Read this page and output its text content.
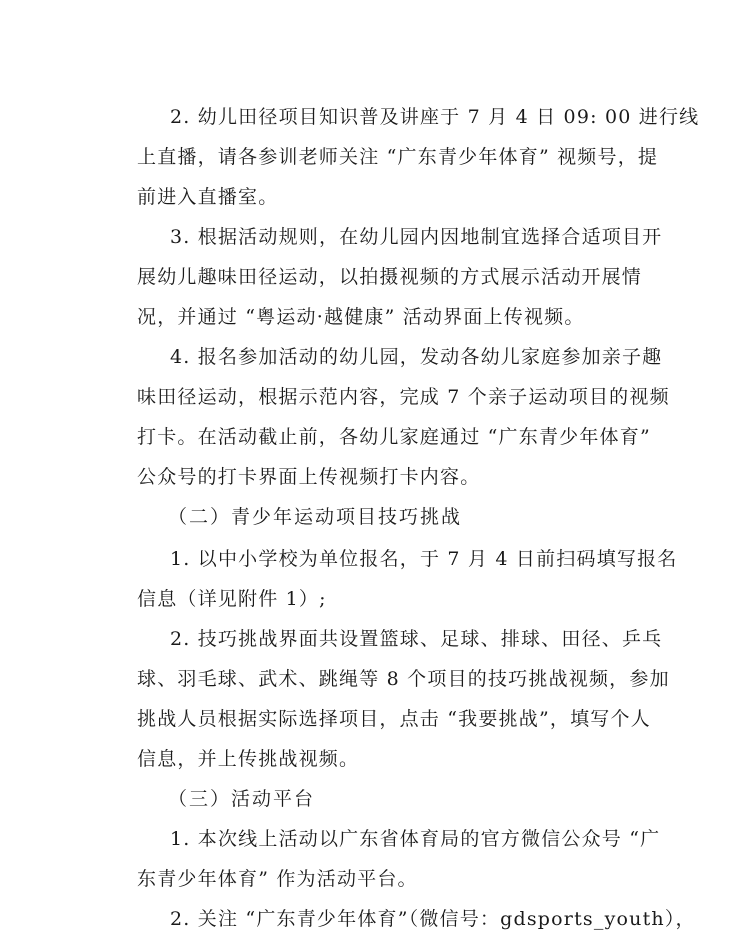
2. 幼儿田径项目知识普及讲座于 7 月 4 日 09: 00 进行线
上直播，请各参训老师关注 “广东青少年体育” 视频号，提
前进入直播室。
3. 根据活动规则，在幼儿园内因地制宜选择合适项目开
展幼儿趣味田径运动，以拍摄视频的方式展示活动开展情
况，并通过 “粤运动·越健康” 活动界面上传视频。
4. 报名参加活动的幼儿园，发动各幼儿家庭参加亲子趣
味田径运动，根据示范内容，完成 7 个亲子运动项目的视频
打卡。在活动截止前，各幼儿家庭通过 “广东青少年体育”
公众号的打卡界面上传视频打卡内容。
（二）青少年运动项目技巧挑战
1. 以中小学校为单位报名，于 7 月 4 日前扫码填写报名
信息（详见附件 1）;
2. 技巧挑战界面共设置篮球、足球、排球、田径、乒乓
球、羽毛球、武术、跳绳等 8 个项目的技巧挑战视频，参加
挑战人员根据实际选择项目，点击 “我要挑战”，填写个人
信息，并上传挑战视频。
（三）活动平台
1. 本次线上活动以广东省体育局的官方微信公众号 “广
东青少年体育” 作为活动平台。
2. 关注 “广东青少年体育”（微信号：gdsports_youth），
